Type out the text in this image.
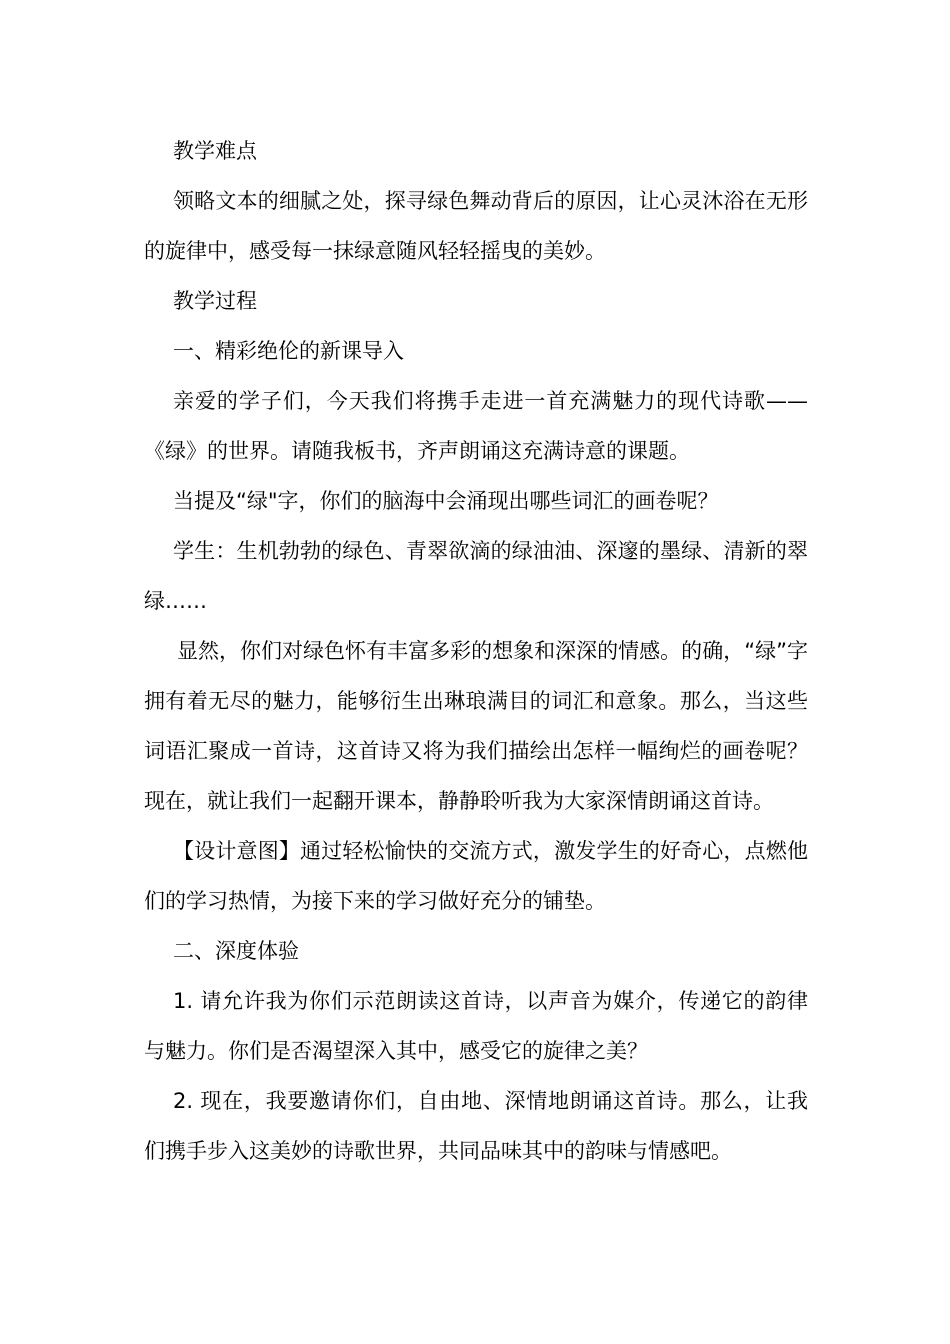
教学难点

领略文本的细腻之处，探寻绿色舞动背后的原因，让心灵沐浴在无形的旋律中，感受每一抹绿意随风轻轻摇曳的美妙。

教学过程

一、精彩绝伦的新课导入

亲爱的学子们，今天我们将携手走进一首充满魅力的现代诗歌——《绿》的世界。请随我板书，齐声朗诵这充满诗意的课题。

当提及“绿"字，你们的脑海中会涌现出哪些词汇的画卷呢？

学生：生机勃勃的绿色、青翠欲滴的绿油油、深邃的墨绿、清新的翠绿……

显然，你们对绿色怀有丰富多彩的想象和深深的情感。的确，“绿”字拥有着无尽的魅力，能够衍生出琳琅满目的词汇和意象。那么，当这些词语汇聚成一首诗，这首诗又将为我们描绘出怎样一幅绚烂的画卷呢？现在，就让我们一起翻开课本，静静聆听我为大家深情朗诵这首诗。

【设计意图】通过轻松愉快的交流方式，激发学生的好奇心，点燃他们的学习热情，为接下来的学习做好充分的铺垫。

二、深度体验

1. 请允许我为你们示范朗读这首诗，以声音为媒介，传递它的韵律与魅力。你们是否渴望深入其中，感受它的旋律之美？

2. 现在，我要邀请你们，自由地、深情地朗诵这首诗。那么，让我们携手步入这美妙的诗歌世界，共同品味其中的韵味与情感吧。
